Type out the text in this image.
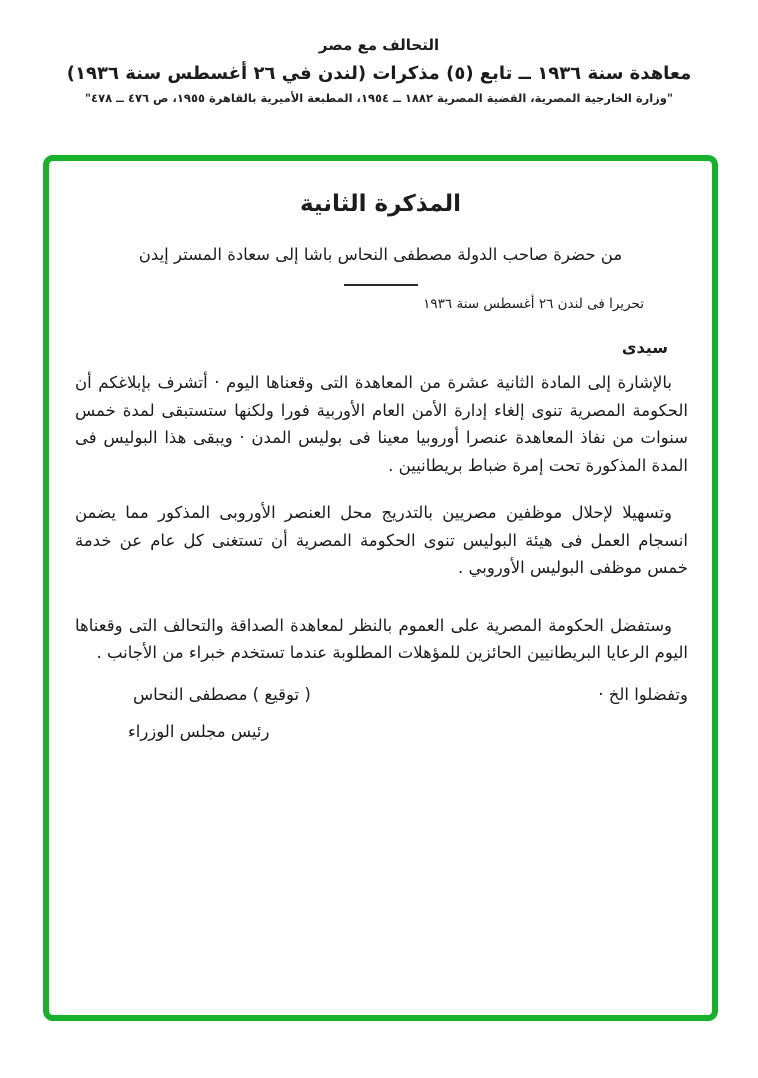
التحالف مع مصر
معاهدة سنة ١٩٣٦ ــ تابع (٥) مذكرات (لندن في ٢٦ أغسطس سنة ١٩٣٦)
"وزارة الخارجية المصرية، القضية المصرية ١٨٨٢ ــ ١٩٥٤، المطبعة الأميرية بالقاهرة ١٩٥٥، ص ٤٧٦ ــ ٤٧٨"
المذكرة الثانية
من حضرة صاحب الدولة مصطفى النحاس باشا إلى سعادة المستر إيدن
تحريرا فى لندن ٢٦ أغسطس سنة ١٩٣٦
سيدى

بالإشارة إلى المادة الثانية عشرة من المعاهدة التى وقعناها اليوم · أتشرف بإبلاغكم أن الحكومة المصرية تنوى إلغاء إدارة الأمن العام الأوربية فورا ولكنها ستستبقى لمدة خمس سنوات من نفاذ المعاهدة عنصرا أوروبيا معينا فى بوليس المدن · ويبقى هذا البوليس فى المدة المذكورة تحت إمرة ضباط بريطانيين .

وتسهيلا لإحلال موظفين مصريين بالتدريج محل العنصر الأوروبى المذكور مما يضمن انسجام العمل فى هيئة البوليس تنوى الحكومة المصرية أن تستغنى كل عام عن خدمة خمس موظفى البوليس الأوروبي .

وستفضل الحكومة المصرية على العموم بالنظر لمعاهدة الصداقة والتحالف التى وقعناها اليوم الرعايا البريطانيين الحائزين للمؤهلات المطلوبة عندما تستخدم خبراء من الأجانب .

وتفضلوا الخ ·
( توقيع ) مصطفى النحاس
رئيس مجلس الوزراء
